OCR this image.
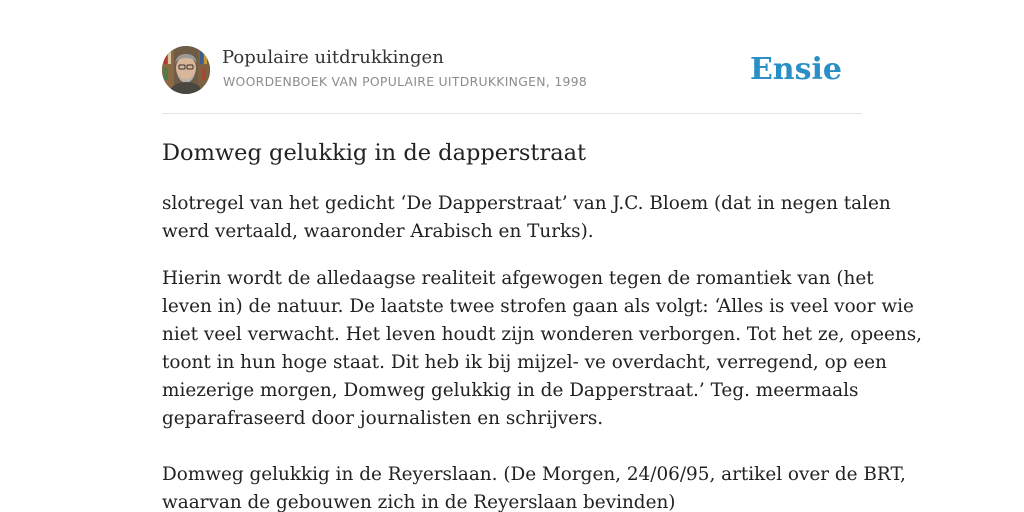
Populaire uitdrukkingen
WOORDENBOEK VAN POPULAIRE UITDRUKKINGEN, 1998	Ensie
Domweg gelukkig in de dapperstraat

slotregel van het gedicht ‘De Dapperstraat’ van J.C. Bloem (dat in negen talen
werd vertaald, waaronder Arabisch en Turks).

Hierin wordt de alledaagse realiteit afgewogen tegen de romantiek van (het
leven in) de natuur. De laatste twee strofen gaan als volgt: ‘Alles is veel voor wie
niet veel verwacht. Het leven houdt zijn wonderen verborgen. Tot het ze, opeens,
toont in hun hoge staat. Dit heb ik bij mijzel- ve overdacht, verregend, op een
miezerige morgen, Domweg gelukkig in de Dapperstraat.’ Teg. meermaals
geparafraseerd door journalisten en schrijvers.

Domweg gelukkig in de Reyerslaan. (De Morgen, 24/06/95, artikel over de BRT,
waarvan de gebouwen zich in de Reyerslaan bevinden)
